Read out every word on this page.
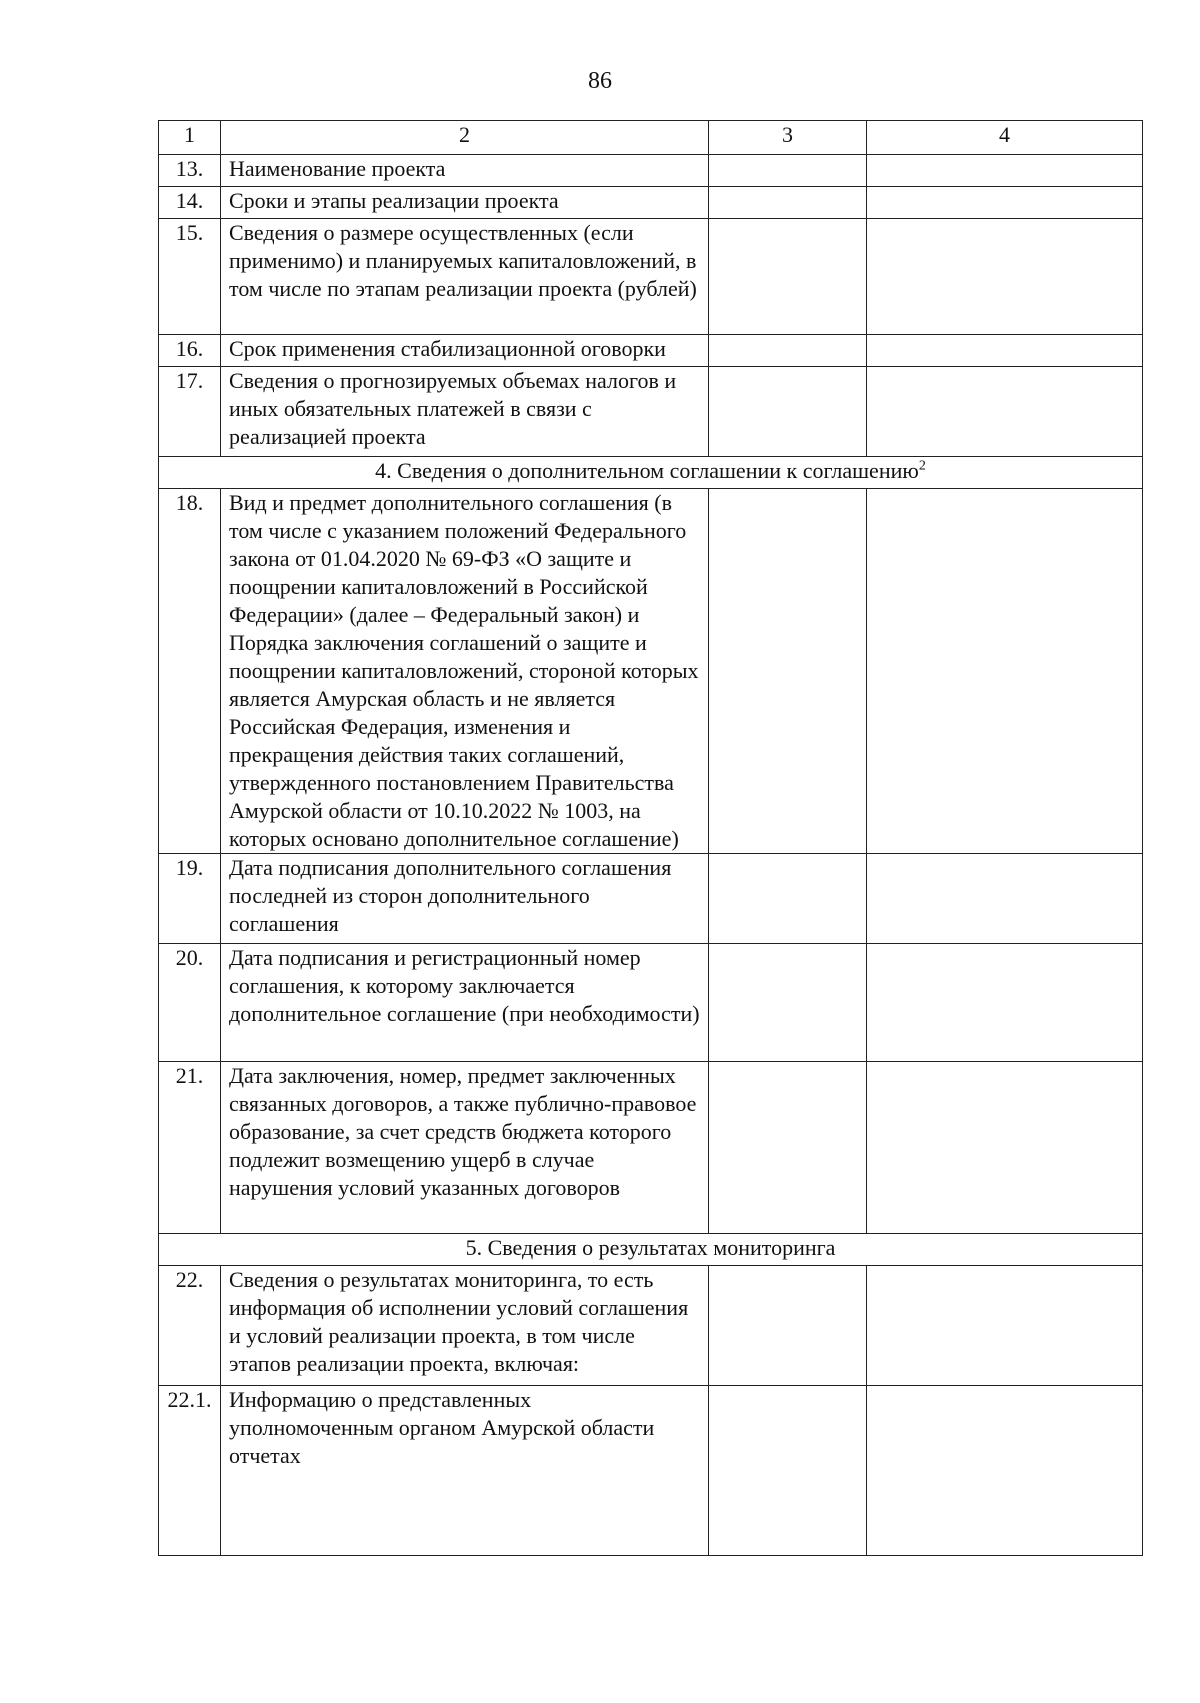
86
1	2	3	4
13.	Наименование проекта		
14.	Сроки и этапы реализации проекта		
15.	Сведения о размере осуществленных (если применимо) и планируемых капиталовложений, в том числе по этапам реализации проекта (рублей)		
16.	Срок применения стабилизационной оговорки		
17.	Сведения о прогнозируемых объемах налогов и иных обязательных платежей в связи с реализацией проекта		
4. Сведения о дополнительном соглашении к соглашению$^2$
18.	Вид и предмет дополнительного соглашения (в том числе с указанием положений Федерального закона от 01.04.2020 № 69-ФЗ «О защите и поощрении капиталовложений в Российской Федерации» (далее – Федеральный закон) и Порядка заключения соглашений о защите и поощрении капиталовложений, стороной которых является Амурская область и не является Российская Федерация, изменения и прекращения действия таких соглашений, утвержденного постановлением Правительства Амурской области от 10.10.2022 № 1003, на которых основано дополнительное соглашение)		
19.	Дата подписания дополнительного соглашения последней из сторон дополнительного соглашения		
20.	Дата подписания и регистрационный номер соглашения, к которому заключается дополнительное соглашение (при необходимости)		
21.	Дата заключения, номер, предмет заключенных связанных договоров, а также публично-правовое образование, за счет средств бюджета которого подлежит возмещению ущерб в случае нарушения условий указанных договоров		
5. Сведения о результатах мониторинга			
22.	Сведения о результатах мониторинга, то есть информация об исполнении условий соглашения и условий реализации проекта, в том числе этапов реализации проекта, включая:		
22.1.	Информацию о представленных уполномоченным органом Амурской области отчетах		
